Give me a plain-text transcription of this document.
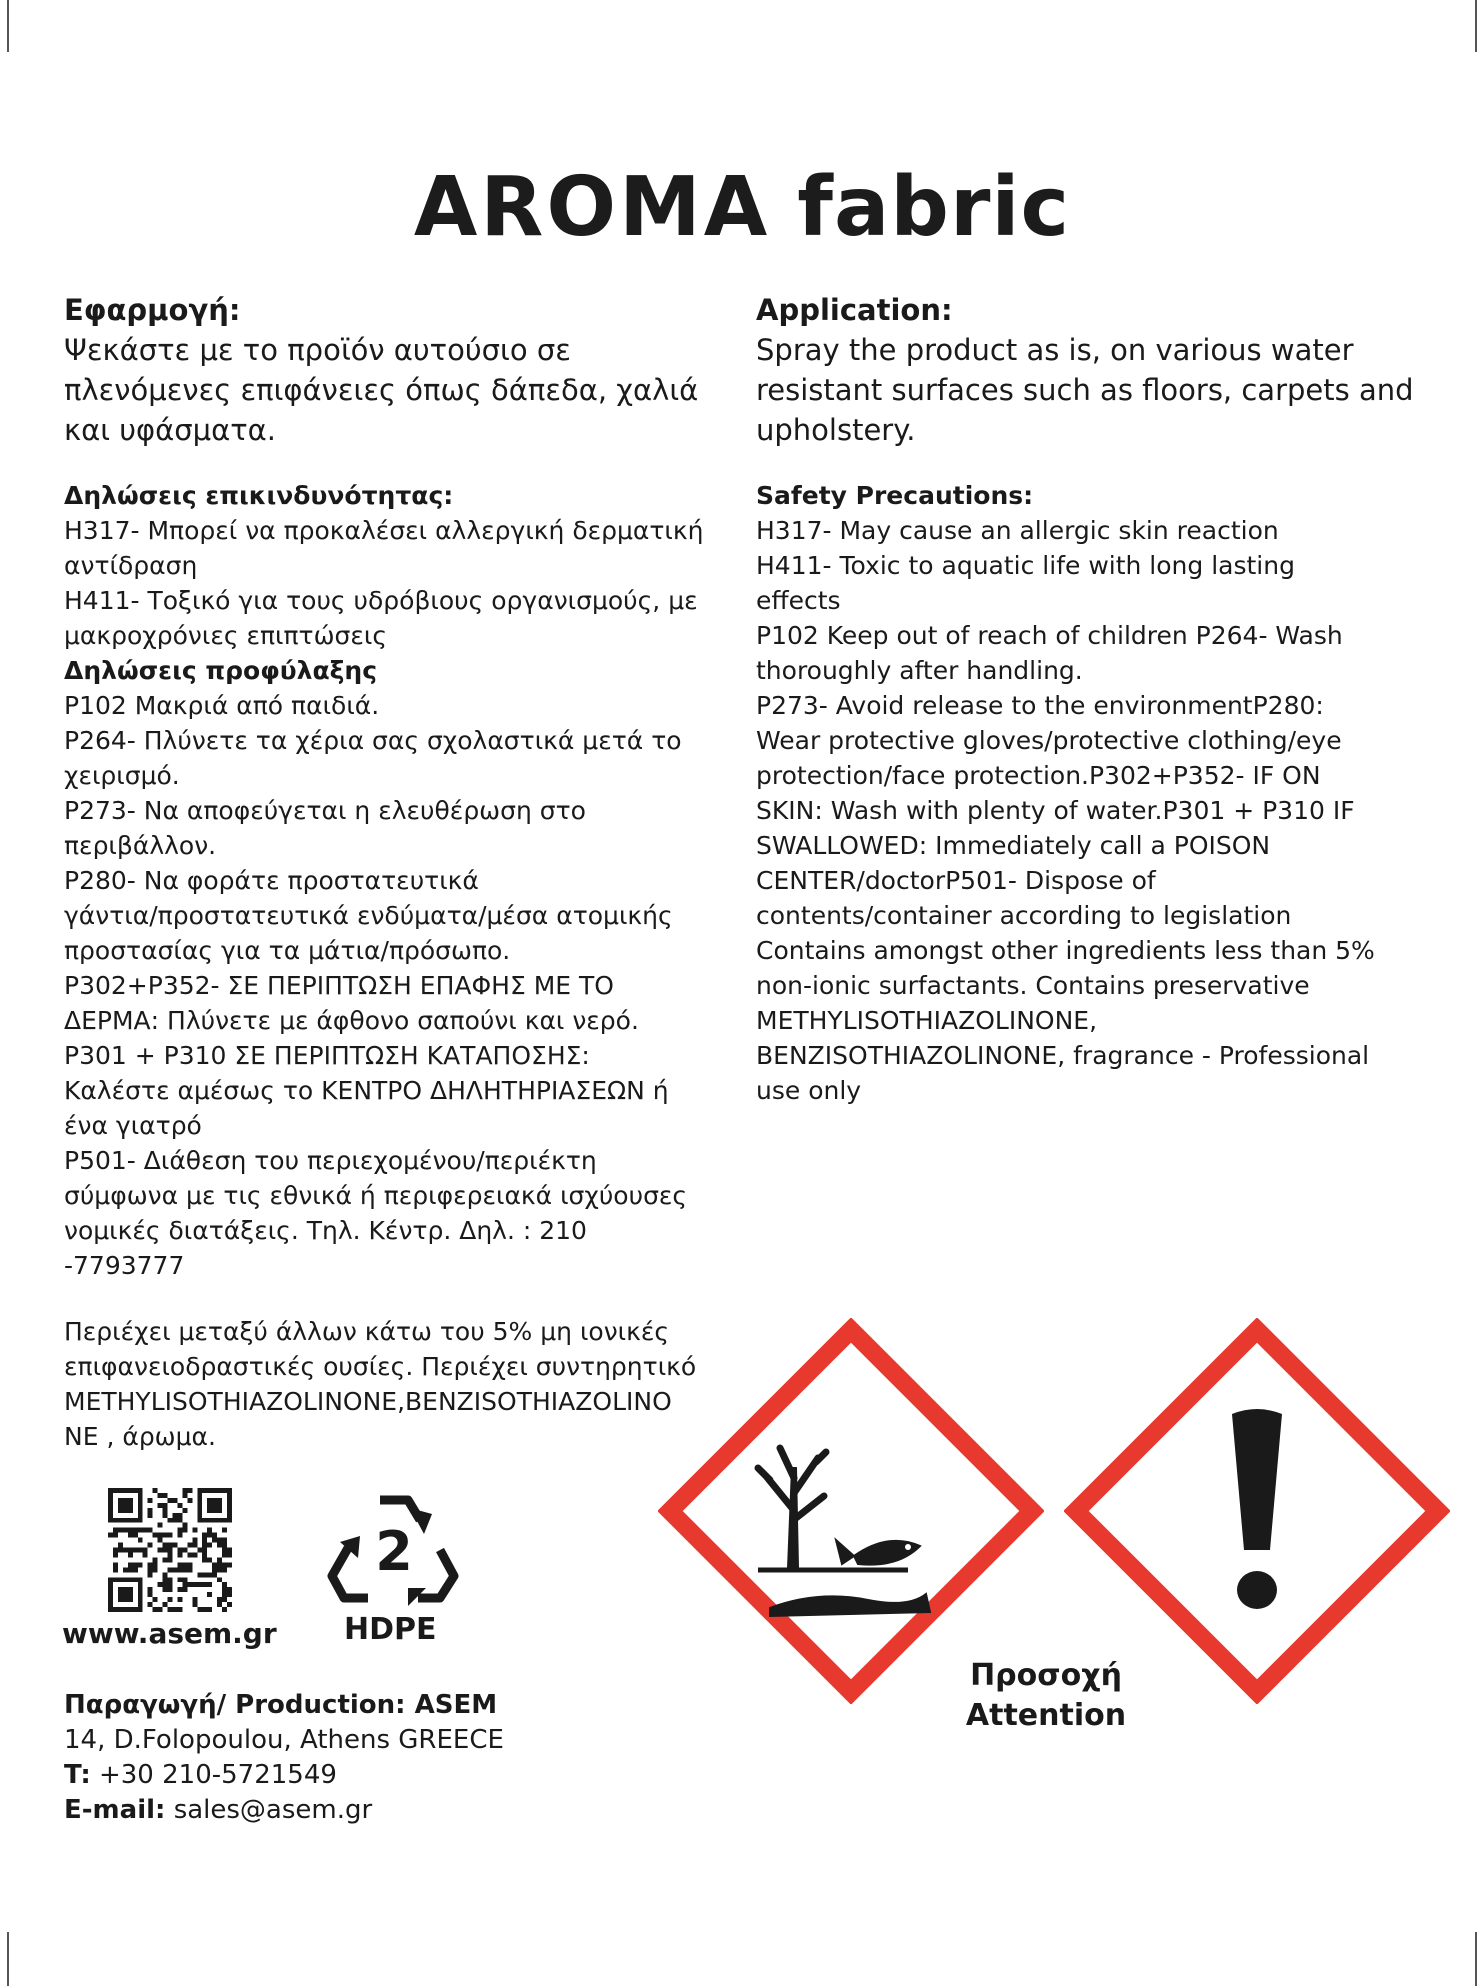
AROMA fabric
Εφαρμογή:
Ψεκάστε με το προϊόν αυτούσιο σε
πλενόμενες επιφάνειες όπως δάπεδα, χαλιά
και υφάσματα.
Δηλώσεις επικινδυνότητας:
H317- Μπορεί να προκαλέσει αλλεργική δερματική
αντίδραση
H411- Τοξικό για τους υδρόβιους οργανισμούς, με
μακροχρόνιες επιπτώσεις
Δηλώσεις προφύλαξης
P102 Μακριά από παιδιά.
P264- Πλύνετε τα χέρια σας σχολαστικά μετά το
χειρισμό.
P273- Να αποφεύγεται η ελευθέρωση στο
περιβάλλον.
P280- Να φοράτε προστατευτικά
γάντια/προστατευτικά ενδύματα/μέσα ατομικής
προστασίας για τα μάτια/πρόσωπο.
P302+P352- ΣΕ ΠΕΡΙΠΤΩΣΗ ΕΠΑΦΗΣ ΜΕ ΤΟ
ΔΕΡΜΑ: Πλύνετε με άφθονο σαπούνι και νερό.
P301 + P310 ΣΕ ΠΕΡΙΠΤΩΣΗ ΚΑΤΑΠΟΣΗΣ:
Καλέστε αμέσως το ΚΕΝΤΡΟ ΔΗΛΗΤΗΡΙΑΣΕΩΝ ή
ένα γιατρό
P501- Διάθεση του περιεχομένου/περιέκτη
σύμφωνα με τις εθνικά ή περιφερειακά ισχύουσες
νομικές διατάξεις. Τηλ. Κέντρ. Δηλ. : 210
-7793777
Application:
Spray the product as is, on various water
resistant surfaces such as floors, carpets and
upholstery.
Safety Precautions:
H317- May cause an allergic skin reaction
H411- Toxic to aquatic life with long lasting
effects
P102 Keep out of reach of children P264- Wash
thoroughly after handling.
P273- Avoid release to the environmentP280:
Wear protective gloves/protective clothing/eye
protection/face protection.P302+P352- IF ON
SKIN: Wash with plenty of water.P301 + P310 IF
SWALLOWED: Immediately call a POISON
CENTER/doctorP501- Dispose of
contents/container according to legislation
Contains amongst other ingredients less than 5%
non-ionic surfactants. Contains preservative
METHYLISOTHIAZOLINONE,
BENZISOTHIAZOLINONE, fragrance - Professional
use only
Περιέχει μεταξύ άλλων κάτω του 5% μη ιονικές
επιφανειοδραστικές ουσίες. Περιέχει συντηρητικό
METHYLISOTHIAZOLINONE,BENZISOTHIAZOLINO
NE , άρωμα.
2
www.asem.gr HDPE
Παραγωγή/ Production: ASEM
14, D.Folopoulou, Athens GREECE
T: +30 210-5721549
E-mail: sales@asem.gr
Προσοχή
Attention
